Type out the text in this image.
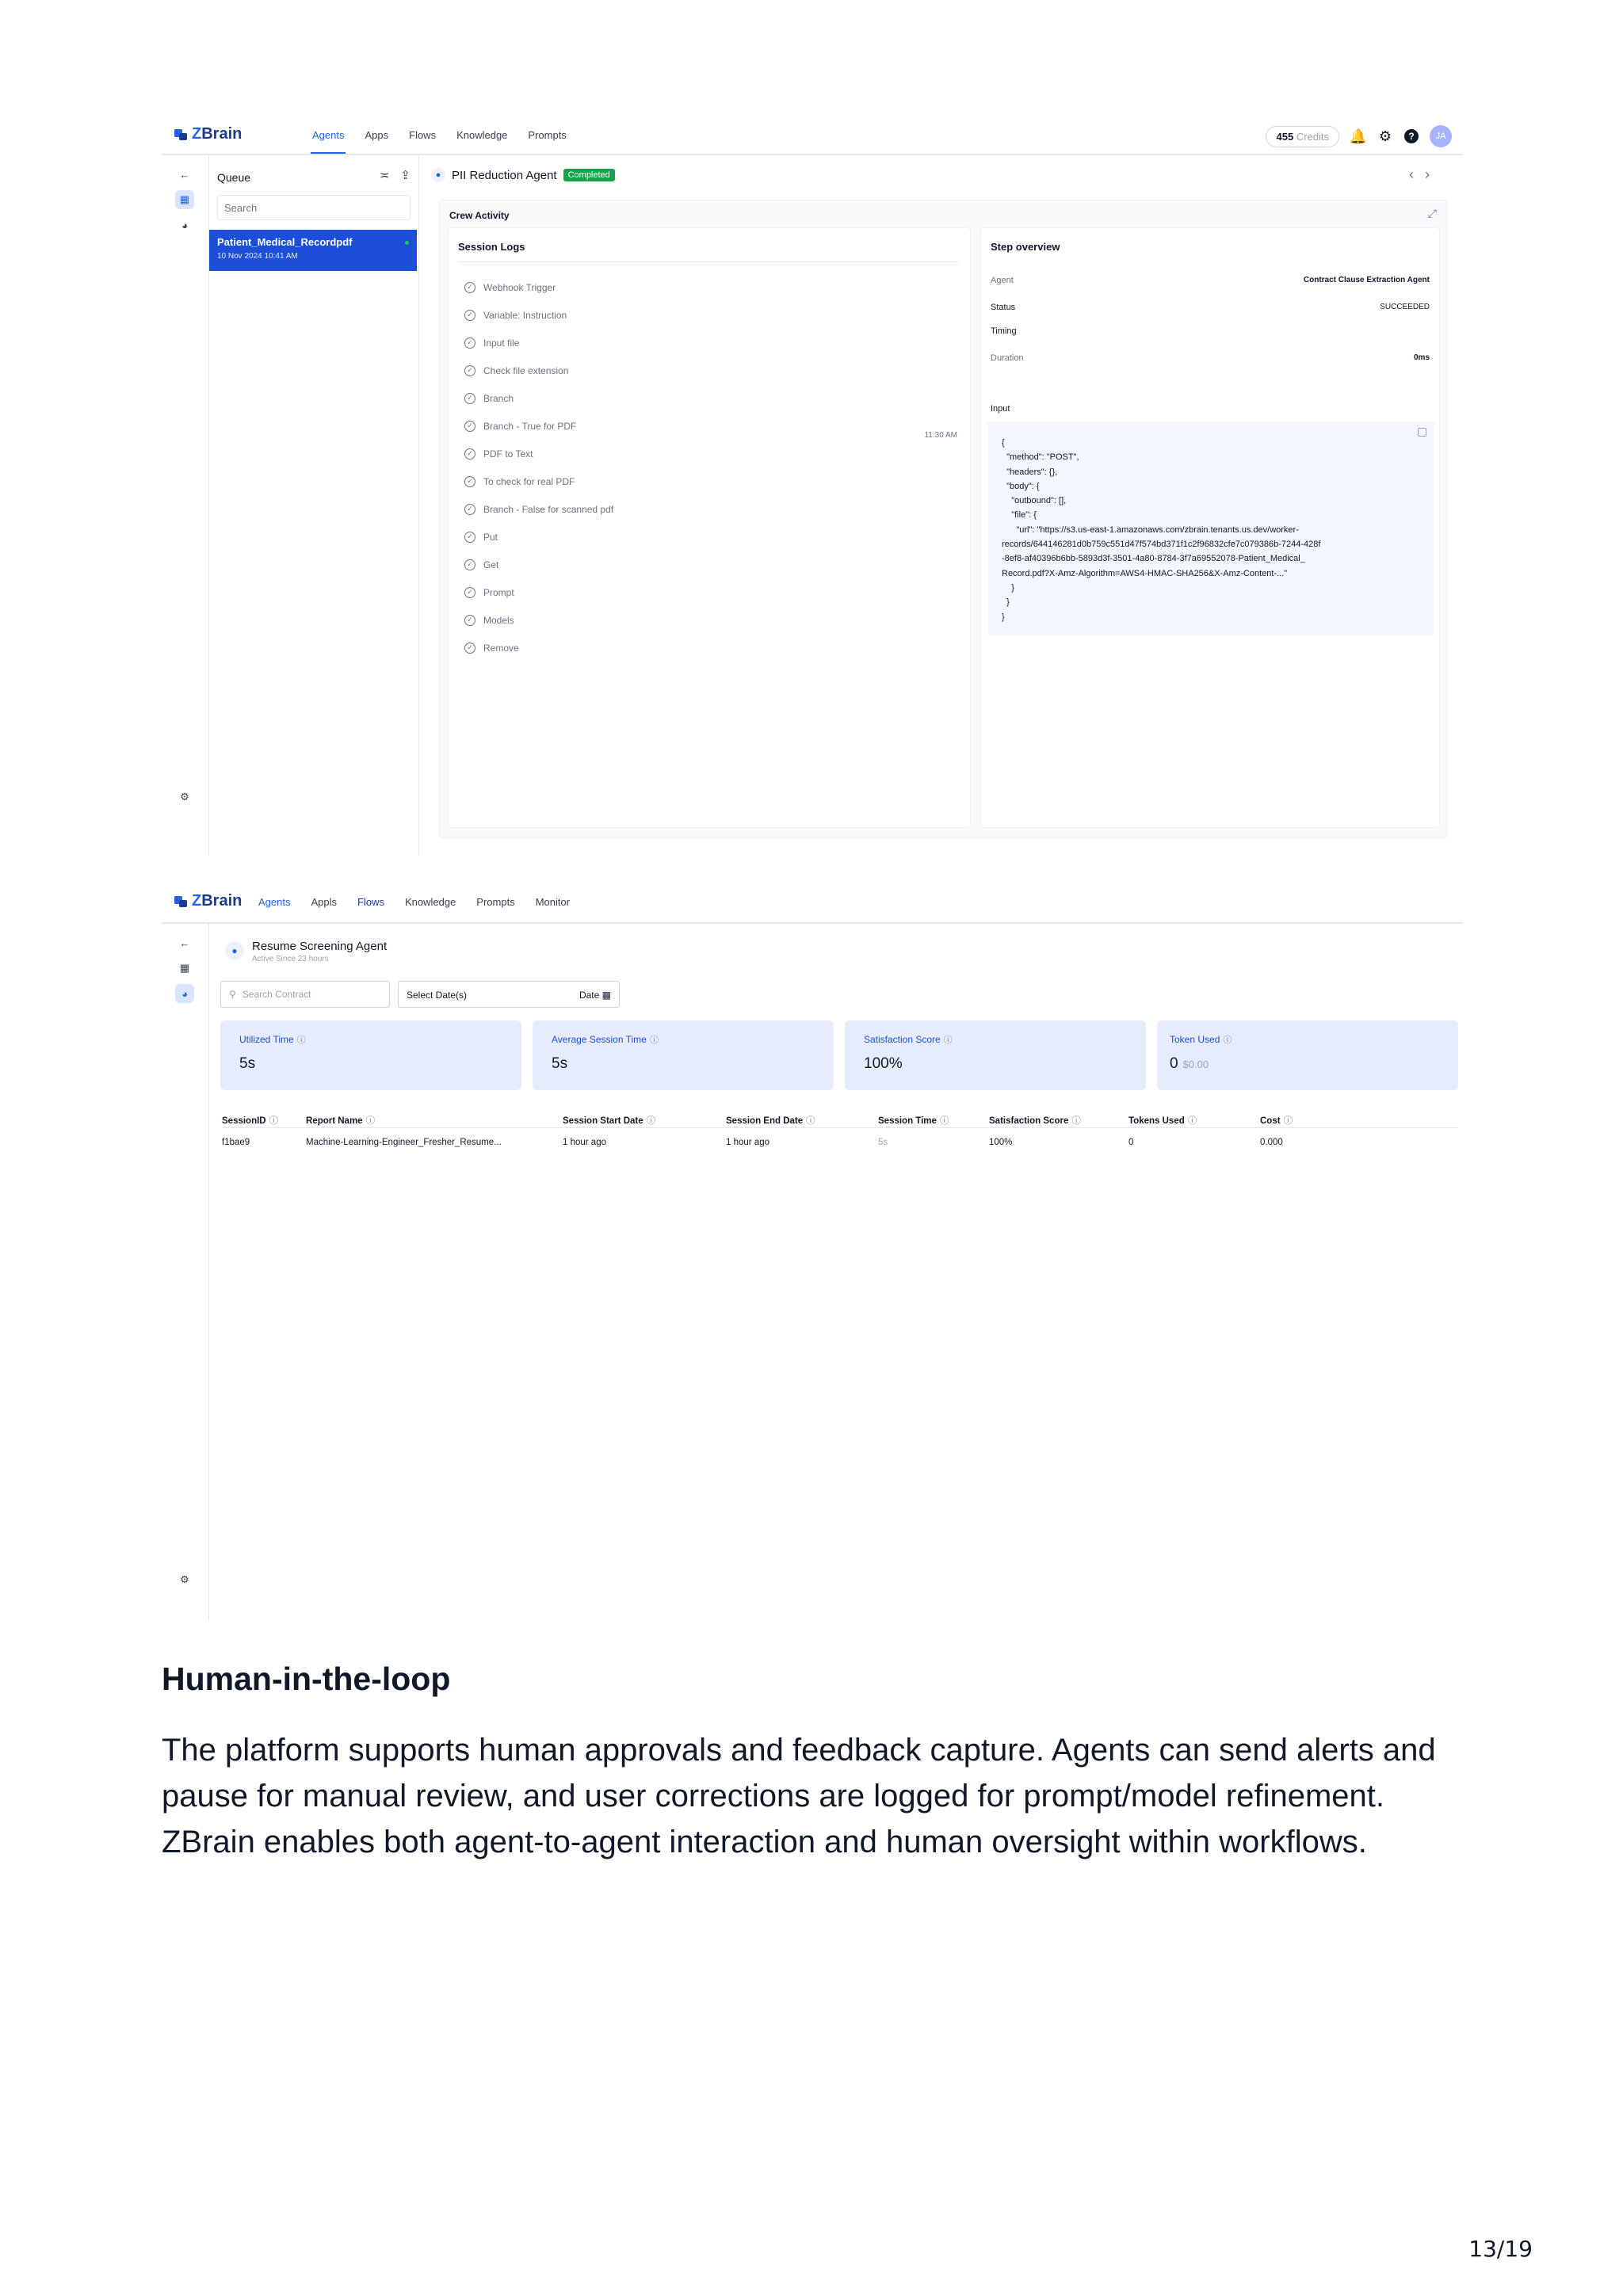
ZBrain	Agents Apps Flows Knowledge Prompts	455 Credits	🔔 ⚙	?	JA
←
▦
◕
⚙
Queue	≍ ⇪
Search
Patient_Medical_Recordpdf
10 Nov 2024 10:41 AM
● PII Reduction Agent	Completed	‹›
Crew Activity	⤢
Session Logs
✓ Webhook Trigger
✓ Variable: Instruction
✓ Input file
✓ Check file extension
✓ Branch
✓ Branch - True for PDF
✓ PDF to Text
✓ To check for real PDF
✓ Branch - False for scanned pdf
✓ Put
✓ Get
✓ Prompt
✓ Models
✓ Remove
11:30 AM
Step overview
Agent	Contract Clause Extraction Agent
Status	SUCCEEDED
Timing
Duration	0ms
Input
{
"method": "POST",
"headers": {},
"body": {
"outbound": [],
"file": {
"url": "https://s3.us-east-1.amazonaws.com/zbrain.tenants.us.dev/worker-
records/644146281d0b759c551d47f574bd371f1c2f96832cfe7c079386b-7244-428f
-8ef8-af40396b6bb-5893d3f-3501-4a80-8784-3f7a69552078-Patient_Medical_
Record.pdf?X-Amz-Algorithm=AWS4-HMAC-SHA256&X-Amz-Content-..."
}
}
}
ZBrain Agents Appls Flows Knowledge Prompts Monitor
←
▦
◕
⚙
●	Resume Screening Agent
Active Since 23 hours
⚲ Search Contract	Select Date(s)	Date ▦
Utilized Time ⓘ
5s
Average Session Time ⓘ
5s
Satisfaction Score ⓘ
100%
Token Used ⓘ
0 $0.00
SessionID ⓘ	Report Name ⓘ	Session Start Date ⓘ	Session End Date ⓘ	Session Time ⓘ	Satisfaction Score ⓘ	Tokens Used ⓘ	Cost ⓘ
f1bae9	Machine-Learning-Engineer_Fresher_Resume...	1 hour ago	1 hour ago	5s	100%	0	0.000
Human-in-the-loop
The platform supports human approvals and feedback capture. Agents can send alerts and pause for manual review, and user corrections are logged for prompt/model refinement. ZBrain enables both agent-to-agent interaction and human oversight within workflows.
13/19
